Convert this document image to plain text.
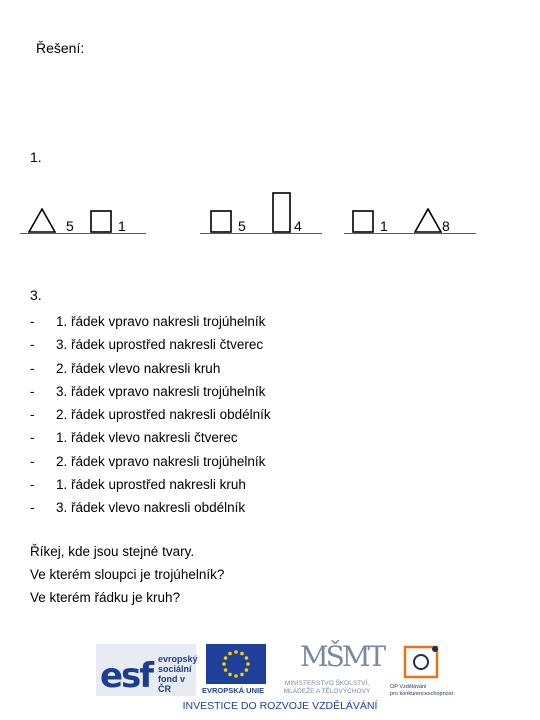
Řešení:
1.
5	1	5	4	1	8
3.
- 1. řádek vpravo nakresli trojúhelník
- 3. řádek uprostřed nakresli čtverec
- 2. řádek vlevo nakresli kruh
- 3. řádek vpravo nakresli trojúhelník
- 2. řádek uprostřed nakresli obdélník
- 1. řádek vlevo nakresli čtverec
- 2. řádek vpravo nakresli trojúhelník
- 1. řádek uprostřed nakresli kruh
- 3. řádek vlevo nakresli obdélník
Říkej, kde jsou stejné tvary.
Ve kterém sloupci je trojúhelník?
Ve kterém řádku je kruh?
esf evropský
sociální
fond v ČR	EVROPSKÁ UNIE
MŠMT
MINISTERSTVO ŠKOLSTVÍ,
MLÁDEŽE A TĚLOVÝCHOVY
OP Vzdělávání
pro konkurenceschopnost
INVESTICE DO ROZVOJE VZDĚLÁVÁNÍ
